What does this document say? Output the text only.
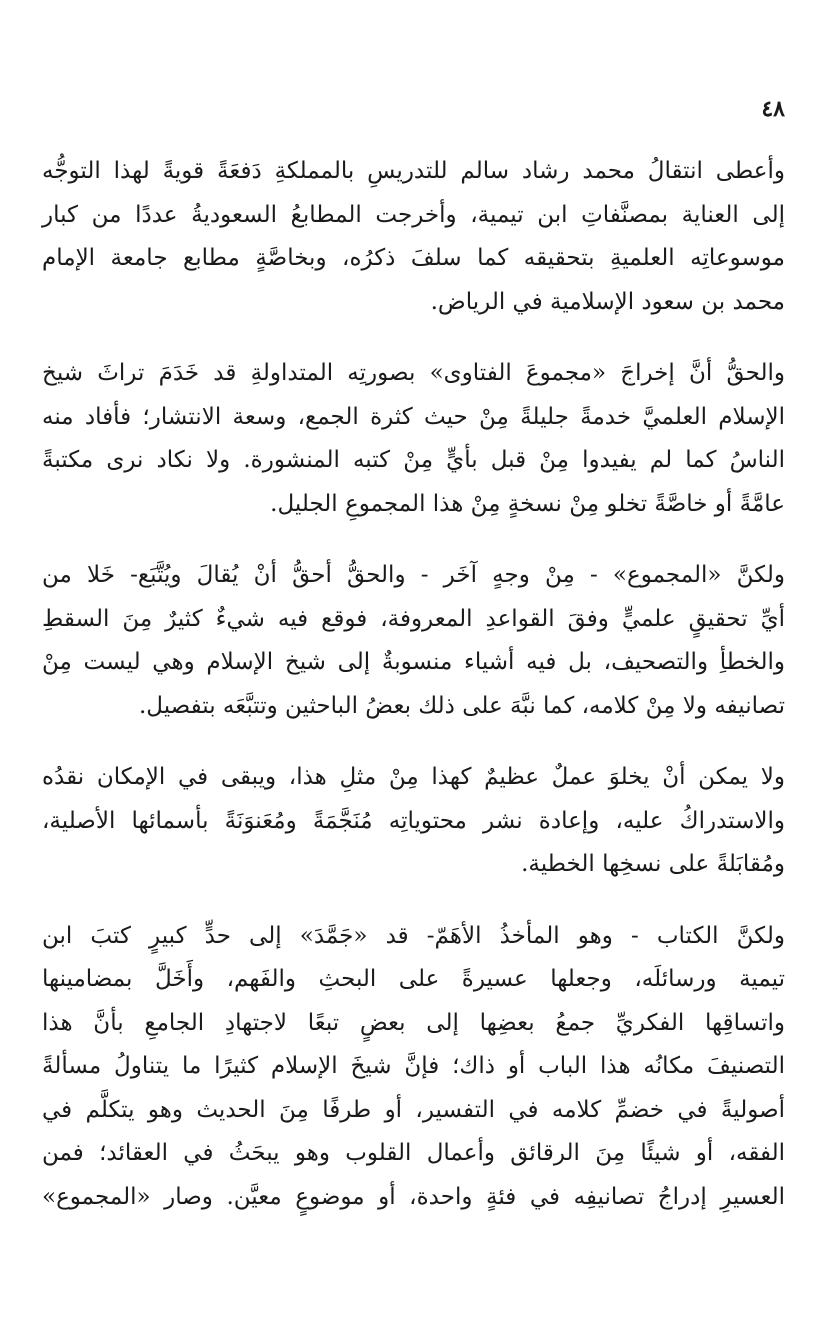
٤٨

وأعطى انتقالُ محمد رشاد سالم للتدريسِ بالمملكةِ دَفعَةً قويةً لهذا التوجُّه
إلى العناية بمصنَّفاتِ ابن تيمية، وأخرجت المطابعُ السعوديةُ عددًا من كبار
موسوعاتِه العلميةِ بتحقيقه كما سلفَ ذكرُه، وبخاصَّةٍ مطابع جامعة الإمام
محمد بن سعود الإسلامية في الرياض.

والحقُّ أنَّ إخراجَ «مجموعَ الفتاوى» بصورتِه المتداولةِ قد خَدَمَ تراثَ شيخ
الإسلام العلميَّ خدمةً جليلةً مِنْ حيث كثرة الجمع، وسعة الانتشار؛ فأفاد منه
الناسُ كما لم يفيدوا مِنْ قبل بأيٍّ مِنْ كتبه المنشورة. ولا نكاد نرى مكتبةً
عامَّةً أو خاصَّةً تخلو مِنْ نسخةٍ مِنْ هذا المجموعِ الجليل.

ولكنَّ «المجموع» - مِنْ وجهٍ آخَر - والحقُّ أحقُّ أنْ يُقالَ ويُتَّبَع- خَلا من
أيِّ تحقيقٍ علميٍّ وفقَ القواعدِ المعروفة، فوقع فيه شيءٌ كثيرٌ مِنَ السقطِ
والخطأِ والتصحيف، بل فيه أشياء منسوبةٌ إلى شيخ الإسلام وهي ليست مِنْ
تصانيفه ولا مِنْ كلامه، كما نبَّهَ على ذلك بعضُ الباحثين وتتبَّعَه بتفصيل.

ولا يمكن أنْ يخلوَ عملٌ عظيمٌ كهذا مِنْ مثلِ هذا، ويبقى في الإمكان نقدُه
والاستدراكُ عليه، وإعادة نشر محتوياتِه مُنَجَّمَةً ومُعَنوَنَةً بأسمائها الأصلية،
ومُقابَلةً على نسخِها الخطية.

ولكنَّ الكتاب - وهو المأخذُ الأهَمّ- قد «جَمَّدَ» إلى حدٍّ كبيرٍ كتبَ ابن
تيمية ورسائلَه، وجعلها عسيرةً على البحثِ والفَهم، وأَخَلَّ بمضامينها
واتساقِها الفكريِّ جمعُ بعضِها إلى بعضٍ تبعًا لاجتهادِ الجامعِ بأنَّ هذا
التصنيفَ مكانُه هذا الباب أو ذاك؛ فإنَّ شيخَ الإسلام كثيرًا ما يتناولُ مسألةً
أصوليةً في خضمِّ كلامه في التفسير، أو طرفًا مِنَ الحديث وهو يتكلَّم في
الفقه، أو شيئًا مِنَ الرقائق وأعمال القلوب وهو يبحَثُ في العقائد؛ فمن
العسيرِ إدراجُ تصانيفِه في فئةٍ واحدة، أو موضوعٍ معيَّن. وصار «المجموع»
